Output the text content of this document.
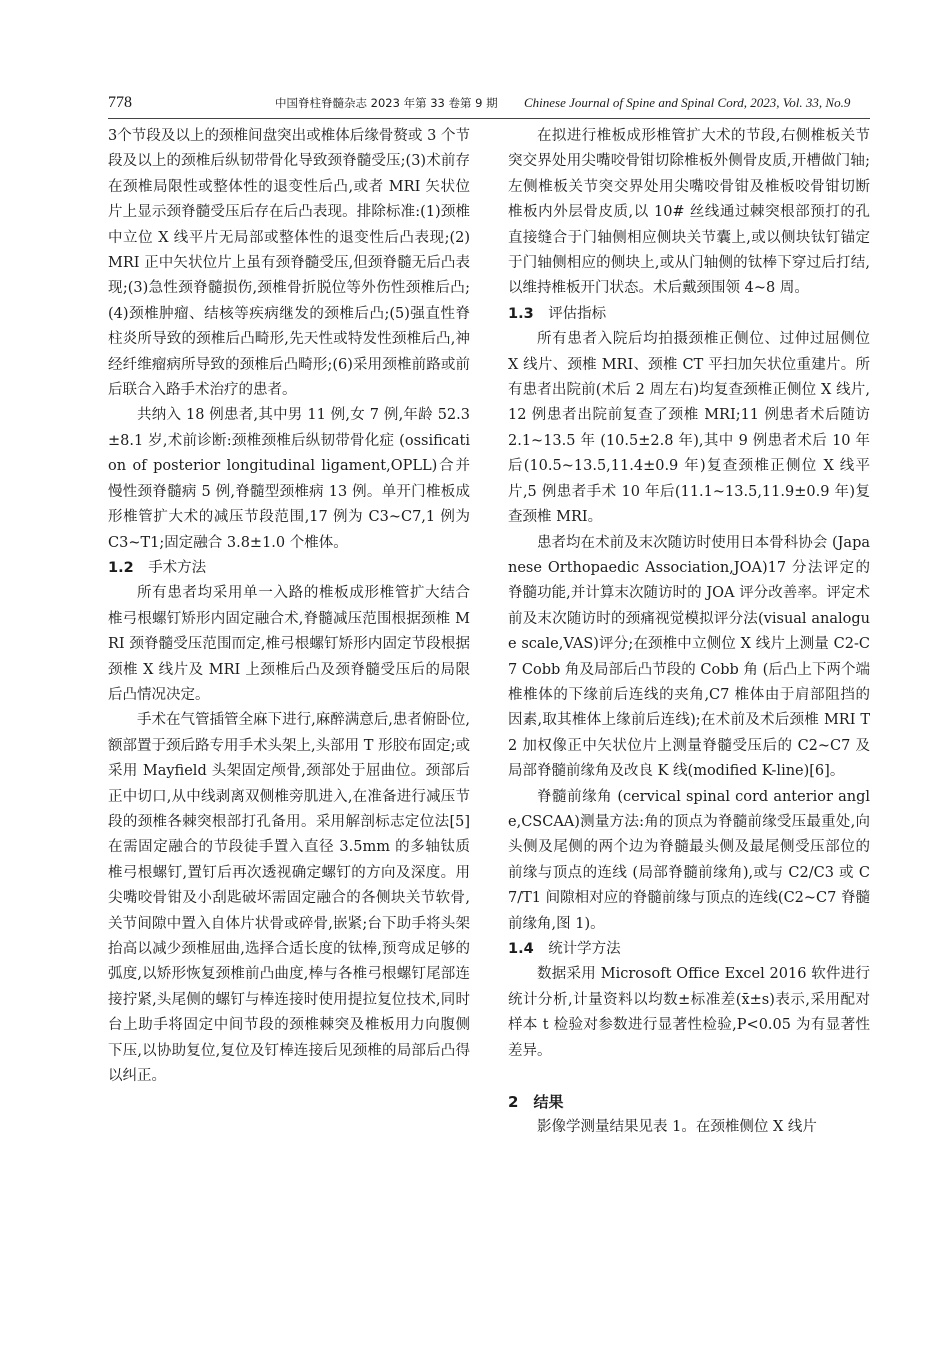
778	中国脊柱脊髓杂志 2023 年第 33 卷第 9 期 Chinese Journal of Spine and Spinal Cord, 2023, Vol. 33, No.9

3个节段及以上的颈椎间盘突出或椎体后缘骨赘或 3 个节段及以上的颈椎后纵韧带骨化导致颈脊髓受压;(3)术前存在颈椎局限性或整体性的退变性后凸,或者 MRI 矢状位片上显示颈脊髓受压后存在后凸表现。排除标准:(1)颈椎中立位 X 线平片无局部或整体性的退变性后凸表现;(2)MRI 正中矢状位片上虽有颈脊髓受压,但颈脊髓无后凸表现;(3)急性颈脊髓损伤,颈椎骨折脱位等外伤性颈椎后凸;(4)颈椎肿瘤、结核等疾病继发的颈椎后凸;(5)强直性脊柱炎所导致的颈椎后凸畸形,先天性或特发性颈椎后凸,神经纤维瘤病所导致的颈椎后凸畸形;(6)采用颈椎前路或前后联合入路手术治疗的患者。

共纳入 18 例患者,其中男 11 例,女 7 例,年龄 52.3±8.1 岁,术前诊断:颈椎颈椎后纵韧带骨化症 (ossification of posterior longitudinal ligament,OPLL)合并慢性颈脊髓病 5 例,脊髓型颈椎病 13 例。单开门椎板成形椎管扩大术的减压节段范围,17 例为 C3~C7,1 例为 C3~T1;固定融合 3.8±1.0 个椎体。

1.2 手术方法

所有患者均采用单一入路的椎板成形椎管扩大结合椎弓根螺钉矫形内固定融合术,脊髓减压范围根据颈椎 MRI 颈脊髓受压范围而定,椎弓根螺钉矫形内固定节段根据颈椎 X 线片及 MRI 上颈椎后凸及颈脊髓受压后的局限后凸情况决定。

手术在气管插管全麻下进行,麻醉满意后,患者俯卧位,额部置于颈后路专用手术头架上,头部用 T 形胶布固定;或采用 Mayfield 头架固定颅骨,颈部处于屈曲位。颈部后正中切口,从中线剥离双侧椎旁肌进入,在准备进行减压节段的颈椎各棘突根部打孔备用。采用解剖标志定位法[5]在需固定融合的节段徒手置入直径 3.5mm 的多轴钛质椎弓根螺钉,置钉后再次透视确定螺钉的方向及深度。用尖嘴咬骨钳及小刮匙破坏需固定融合的各侧块关节软骨,关节间隙中置入自体片状骨或碎骨,嵌紧;台下助手将头架抬高以减少颈椎屈曲,选择合适长度的钛棒,预弯成足够的弧度,以矫形恢复颈椎前凸曲度,棒与各椎弓根螺钉尾部连接拧紧,头尾侧的螺钉与棒连接时使用提拉复位技术,同时台上助手将固定中间节段的颈椎棘突及椎板用力向腹侧下压,以协助复位,复位及钉棒连接后见颈椎的局部后凸得以纠正。

在拟进行椎板成形椎管扩大术的节段,右侧椎板关节突交界处用尖嘴咬骨钳切除椎板外侧骨皮质,开槽做门轴;左侧椎板关节突交界处用尖嘴咬骨钳及椎板咬骨钳切断椎板内外层骨皮质,以 10# 丝线通过棘突根部预打的孔直接缝合于门轴侧相应侧块关节囊上,或以侧块钛钉锚定于门轴侧相应的侧块上,或从门轴侧的钛棒下穿过后打结,以维持椎板开门状态。术后戴颈围领 4~8 周。

1.3 评估指标

所有患者入院后均拍摄颈椎正侧位、过伸过屈侧位 X 线片、颈椎 MRI、颈椎 CT 平扫加矢状位重建片。所有患者出院前(术后 2 周左右)均复查颈椎正侧位 X 线片,12 例患者出院前复查了颈椎 MRI;11 例患者术后随访 2.1~13.5 年 (10.5±2.8 年),其中 9 例患者术后 10 年后(10.5~13.5,11.4±0.9 年)复查颈椎正侧位 X 线平片,5 例患者手术 10 年后(11.1~13.5,11.9±0.9 年)复查颈椎 MRI。

患者均在术前及末次随访时使用日本骨科协会 (Japanese Orthopaedic Association,JOA)17 分法评定的脊髓功能,并计算末次随访时的 JOA 评分改善率。评定术前及末次随访时的颈痛视觉模拟评分法(visual analogue scale,VAS)评分;在颈椎中立侧位 X 线片上测量 C2-C7 Cobb 角及局部后凸节段的 Cobb 角 (后凸上下两个端椎椎体的下缘前后连线的夹角,C7 椎体由于肩部阻挡的因素,取其椎体上缘前后连线);在术前及术后颈椎 MRI T2 加权像正中矢状位片上测量脊髓受压后的 C2~C7 及局部脊髓前缘角及改良 K 线(modified K-line)[6]。

脊髓前缘角 (cervical spinal cord anterior angle,CSCAA)测量方法:角的顶点为脊髓前缘受压最重处,向头侧及尾侧的两个边为脊髓最头侧及最尾侧受压部位的前缘与顶点的连线 (局部脊髓前缘角),或与 C2/C3 或 C7/T1 间隙相对应的脊髓前缘与顶点的连线(C2~C7 脊髓前缘角,图 1)。

1.4 统计学方法

数据采用 Microsoft Office Excel 2016 软件进行统计分析,计量资料以均数±标准差(x̄±s)表示,采用配对样本 t 检验对参数进行显著性检验,P<0.05 为有显著性差异。

2 结果

影像学测量结果见表 1。在颈椎侧位 X 线片
